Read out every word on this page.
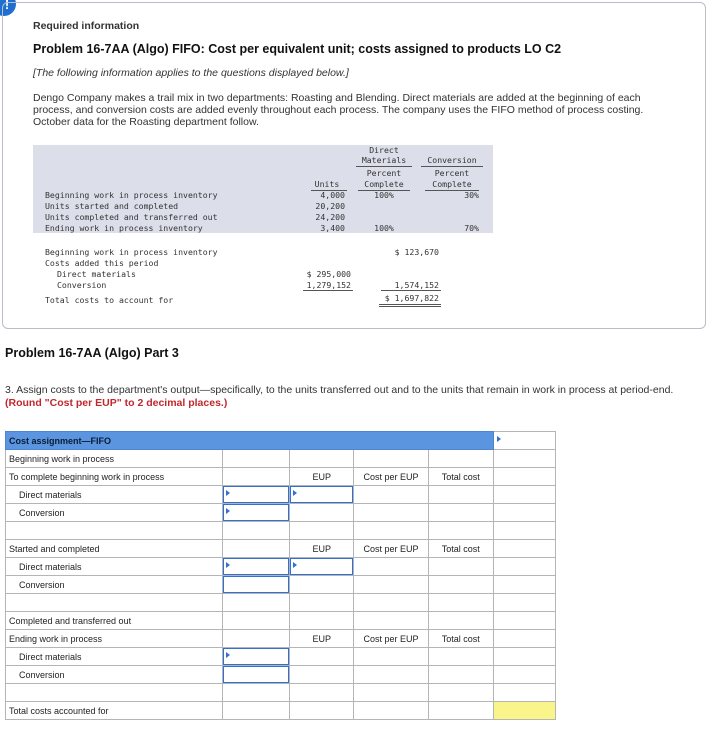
!
Required information
Problem 16-7AA (Algo) FIFO: Cost per equivalent unit; costs assigned to products LO C2
[The following information applies to the questions displayed below.]
Dengo Company makes a trail mix in two departments: Roasting and Blending. Direct materials are added at the beginning of each process, and conversion costs are added evenly throughout each process. The company uses the FIFO method of process costing. October data for the Roasting department follow.
Direct
Materials	Conversion
Percent	Percent
Units	Complete	Complete
Beginning work in process inventory	4,000	100%	30%
Units started and completed	20,200
Units completed and transferred out	24,200
Ending work in process inventory	3,400	100%	70%
Beginning work in process inventory	$ 123,670
Costs added this period
Direct materials	$ 295,000
Conversion	1,279,152	1,574,152
Total costs to account for	$ 1,697,822
Problem 16-7AA (Algo) Part 3
3. Assign costs to the department's output—specifically, to the units transferred out and to the units that remain in work in process at period-end. (Round "Cost per EUP" to 2 decimal places.)
Cost assignment—FIFO					
Beginning work in process					
To complete beginning work in process		EUP	Cost per EUP	Total cost	
Direct materials					
Conversion					

Started and completed		EUP	Cost per EUP	Total cost	
Direct materials					
Conversion					

Completed and transferred out					
Ending work in process		EUP	Cost per EUP	Total cost	
Direct materials					
Conversion					

Total costs accounted for					
